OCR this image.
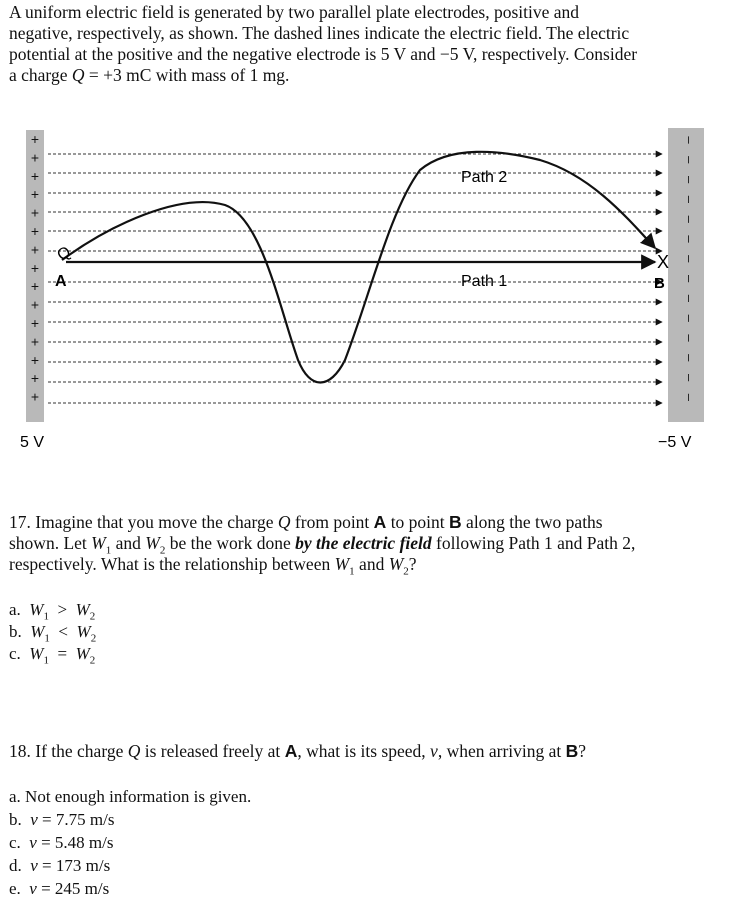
A uniform electric field is generated by two parallel plate electrodes, positive and
negative, respectively, as shown. The dashed lines indicate the electric field. The electric
potential at the positive and the negative electrode is 5 V and −5 V, respectively. Consider
a charge Q = +3 mC with mass of 1 mg.
+
+
+
+
+
+
+
+
+
+
+
+
+
+
+
–
–
–
–
–
–
–
–
–
–
–
–
–
–
Q
A
X
B
Path 2
Path 1
5 V	−5 V
17. Imagine that you move the charge Q from point A to point B along the two paths
shown. Let $W_1$ and $W_2$ be the work done by the electric field following Path 1 and Path 2,
respectively. What is the relationship between $W_1$ and $W_2$?
a. $W_1 > W_2$
b. $W_1 < W_2$
c. $W_1 = W_2$
18. If the charge Q is released freely at A, what is its speed, v, when arriving at B?
a. Not enough information is given.
b. v = 7.75 m/s
c. v = 5.48 m/s
d. v = 173 m/s
e. v = 245 m/s
